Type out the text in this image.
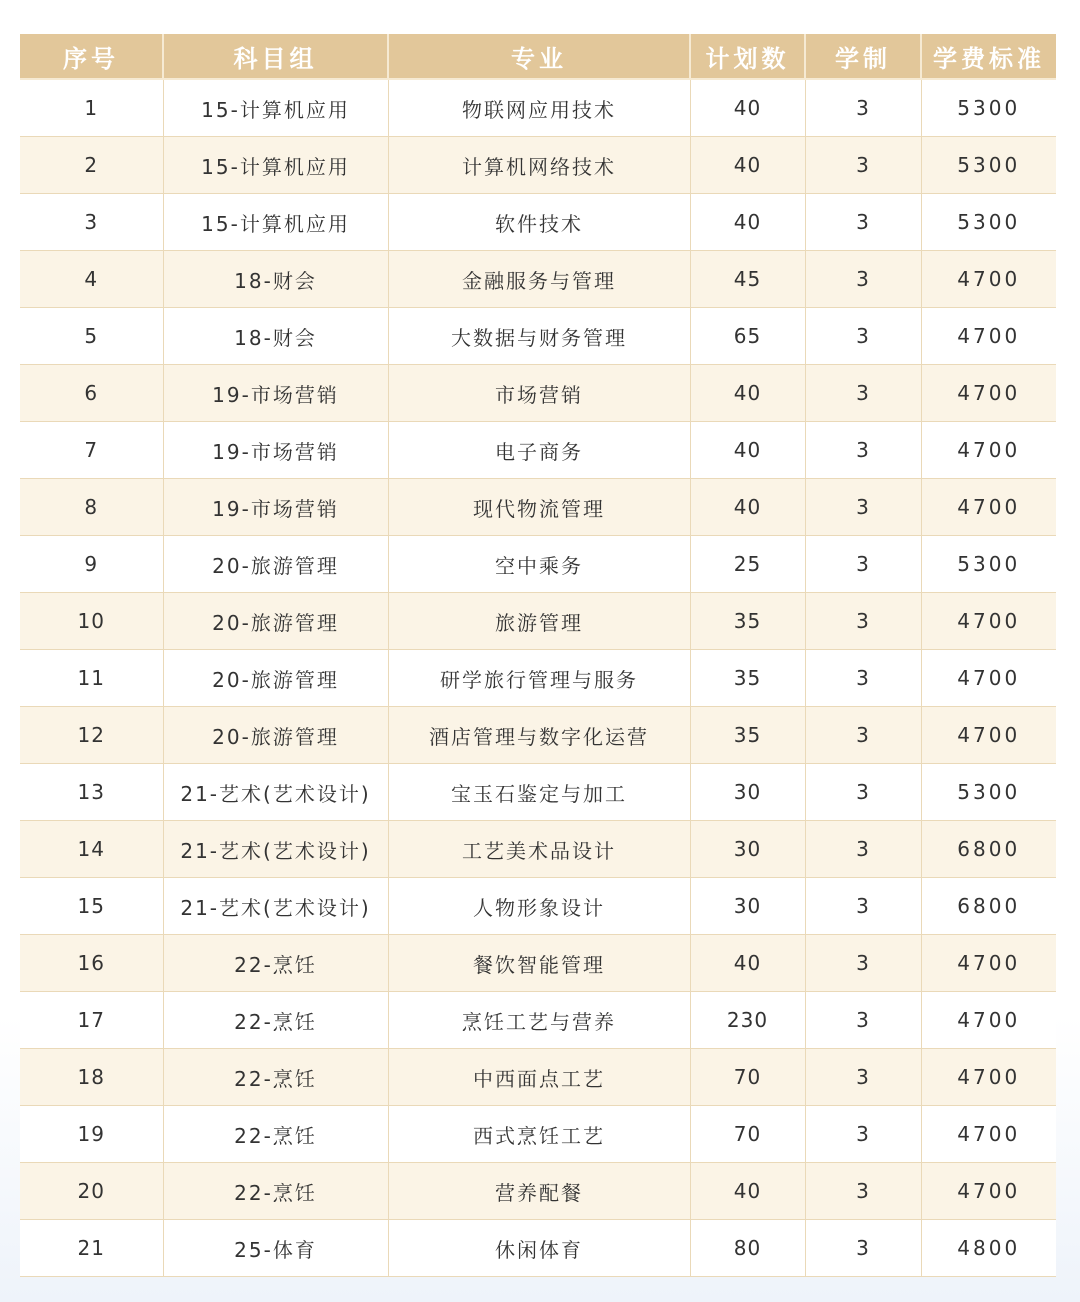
序号	科目组	专业	计划数	学制	学费标准
1	15-计算机应用	物联网应用技术	40	3	5300
2	15-计算机应用	计算机网络技术	40	3	5300
3	15-计算机应用	软件技术	40	3	5300
4	18-财会	金融服务与管理	45	3	4700
5	18-财会	大数据与财务管理	65	3	4700
6	19-市场营销	市场营销	40	3	4700
7	19-市场营销	电子商务	40	3	4700
8	19-市场营销	现代物流管理	40	3	4700
9	20-旅游管理	空中乘务	25	3	5300
10	20-旅游管理	旅游管理	35	3	4700
11	20-旅游管理	研学旅行管理与服务	35	3	4700
12	20-旅游管理	酒店管理与数字化运营	35	3	4700
13	21-艺术(艺术设计)	宝玉石鉴定与加工	30	3	5300
14	21-艺术(艺术设计)	工艺美术品设计	30	3	6800
15	21-艺术(艺术设计)	人物形象设计	30	3	6800
16	22-烹饪	餐饮智能管理	40	3	4700
17	22-烹饪	烹饪工艺与营养	230	3	4700
18	22-烹饪	中西面点工艺	70	3	4700
19	22-烹饪	西式烹饪工艺	70	3	4700
20	22-烹饪	营养配餐	40	3	4700
21	25-体育	休闲体育	80	3	4800
